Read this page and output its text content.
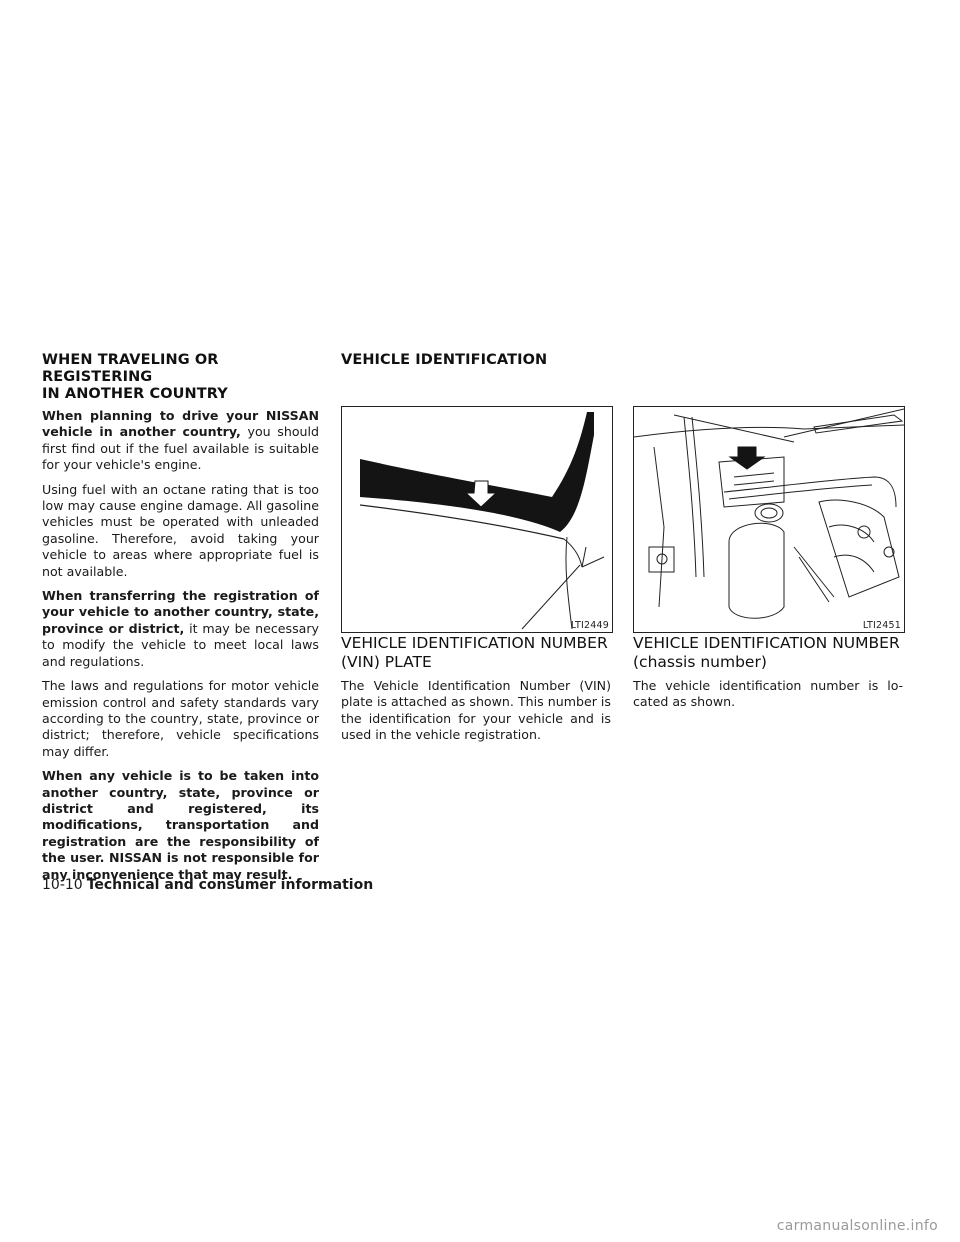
WHEN TRAVELING OR REGISTERING
IN ANOTHER COUNTRY

When planning to drive your NISSAN vehicle in another country, you should first find out if the fuel available is suitable for your vehicle's engine.

Using fuel with an octane rating that is too low may cause engine damage. All gasoline vehicles must be operated with unleaded gasoline. Therefore, avoid taking your vehicle to areas where appropriate fuel is not available.

When transferring the registration of your vehicle to another country, state, province or district, it may be necessary to modify the vehicle to meet local laws and regulations.

The laws and regulations for motor vehicle emission control and safety standards vary according to the country, state, province or district; therefore, vehicle specifications may differ.

When any vehicle is to be taken into another country, state, province or district and registered, its modifications, transportation and registration are the responsibility of the user. NISSAN is not responsible for any inconvenience that may result.

VEHICLE IDENTIFICATION
LTI2449
VEHICLE IDENTIFICATION NUMBER
(VIN) PLATE

The Vehicle Identification Number (VIN) plate is attached as shown. This number is the identification for your vehicle and is used in the vehicle registration.

LTI2451
VEHICLE IDENTIFICATION NUMBER
(chassis number)

The vehicle identification number is located as shown.

10-10 Technical and consumer information
carmanualsonline.info
